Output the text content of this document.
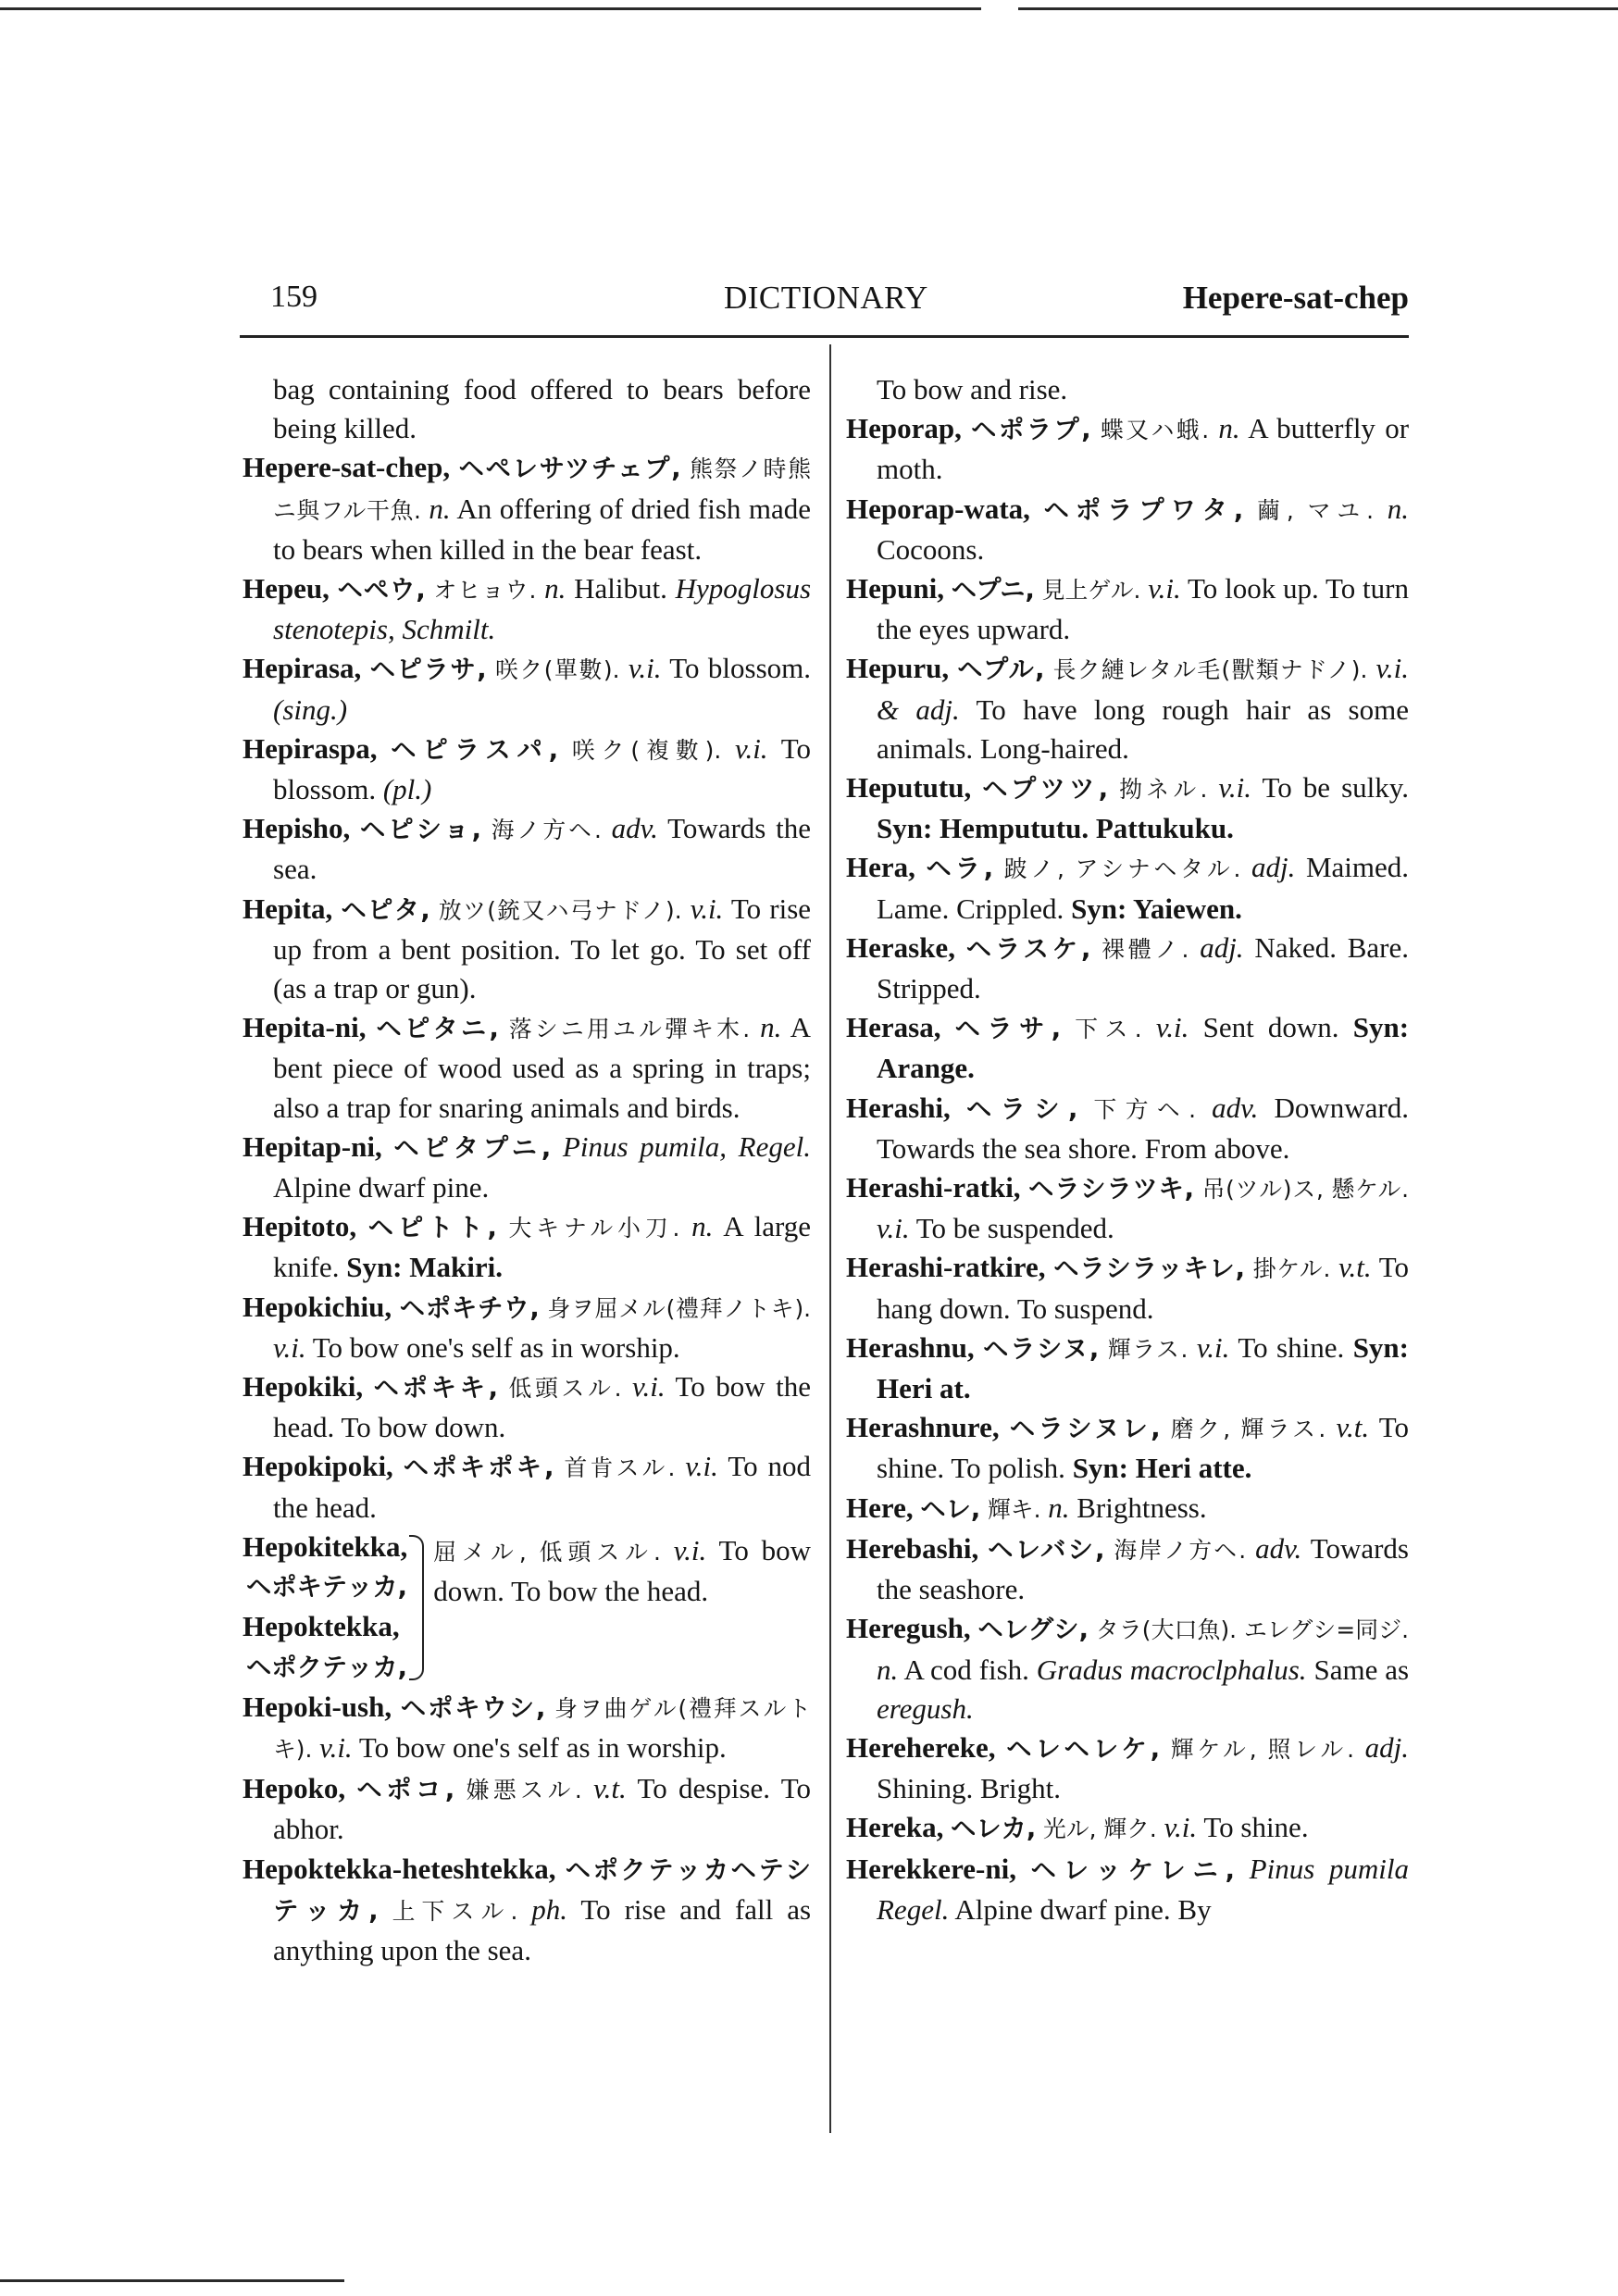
159	DICTIONARY	Hepere-sat-chep
bag containing food offered to bears before being killed.
Hepere-sat-chep, ヘペレサツチェプ, 熊祭ノ時熊ニ與フル干魚. n. An offering of dried fish made to bears when killed in the bear feast.
Hepeu, ヘペウ, オヒョウ. n. Halibut. Hypoglosus stenotepis, Schmilt.
Hepirasa, ヘピラサ, 咲ク(單數). v.i. To blossom. (sing.)
Hepiraspa, ヘピラスパ, 咲ク(複數). v.i. To blossom. (pl.)
Hepisho, ヘピショ, 海ノ方ヘ. adv. Towards the sea.
Hepita, ヘピタ, 放ツ(銃又ハ弓ナドノ). v.i. To rise up from a bent position. To let go. To set off (as a trap or gun).
Hepita-ni, ヘピタニ, 落シニ用ユル彈キ木. n. A bent piece of wood used as a spring in traps; also a trap for snaring animals and birds.
Hepitap-ni, ヘピタプニ, Pinus pumila, Regel. Alpine dwarf pine.
Hepitoto, ヘピトト, 大キナル小刀. n. A large knife. Syn: Makiri.
Hepokichiu, ヘポキチウ, 身ヲ屈メル(禮拜ノトキ). v.i. To bow one's self as in worship.
Hepokiki, ヘポキキ, 低頭スル. v.i. To bow the head. To bow down.
Hepokipoki, ヘポキポキ, 首肯スル. v.i. To nod the head.
Hepokitekka,
ヘポキテッカ,
Hepoktekka,
ヘポクテッカ,
屈メル, 低頭スル. v.i. To bow down. To bow the head.
Hepoki-ush, ヘポキウシ, 身ヲ曲ゲル(禮拜スルトキ). v.i. To bow one's self as in worship.
Hepoko, ヘポコ, 嫌悪スル. v.t. To despise. To abhor.
Hepoktekka-heteshtekka, ヘポクテッカヘテシテッカ, 上下スル. ph. To rise and fall as anything upon the sea.
To bow and rise.
Heporap, ヘポラプ, 蝶又ハ蛾. n. A butterfly or moth.
Heporap-wata, ヘポラプワタ, 繭, マユ. n. Cocoons.
Hepuni, ヘプニ, 見上ゲル. v.i. To look up. To turn the eyes upward.
Hepuru, ヘプル, 長ク縺レタル毛(獸類ナドノ). v.i. & adj. To have long rough hair as some animals. Long-haired.
Hepututu, ヘプツツ, 拗ネル. v.i. To be sulky. Syn: Hempututu. Pattukuku.
Hera, ヘラ, 跛ノ, アシナヘタル. adj. Maimed. Lame. Crippled. Syn: Yaiewen.
Heraske, ヘラスケ, 裸體ノ. adj. Naked. Bare. Stripped.
Herasa, ヘラサ, 下ス. v.i. Sent down. Syn: Arange.
Herashi, ヘラシ, 下方ヘ. adv. Downward. Towards the sea shore. From above.
Herashi-ratki, ヘラシラツキ, 吊(ツル)ス, 懸ケル. v.i. To be suspended.
Herashi-ratkire, ヘラシラッキレ, 掛ケル. v.t. To hang down. To suspend.
Herashnu, ヘラシヌ, 輝ラス. v.i. To shine. Syn: Heri at.
Herashnure, ヘラシヌレ, 磨ク, 輝ラス. v.t. To shine. To polish. Syn: Heri atte.
Here, ヘレ, 輝キ. n. Brightness.
Herebashi, ヘレバシ, 海岸ノ方ヘ. adv. Towards the seashore.
Heregush, ヘレグシ, タラ(大口魚). エレグシ=同ジ. n. A cod fish. Gradus macroclphalus. Same as eregush.
Hereherekе, ヘレヘレケ, 輝ケル, 照レル. adj. Shining. Bright.
Hereka, ヘレカ, 光ル, 輝ク. v.i. To shine.
Herekkere-ni, ヘレッケレニ, Pinus pumila Regel. Alpine dwarf pine. By
